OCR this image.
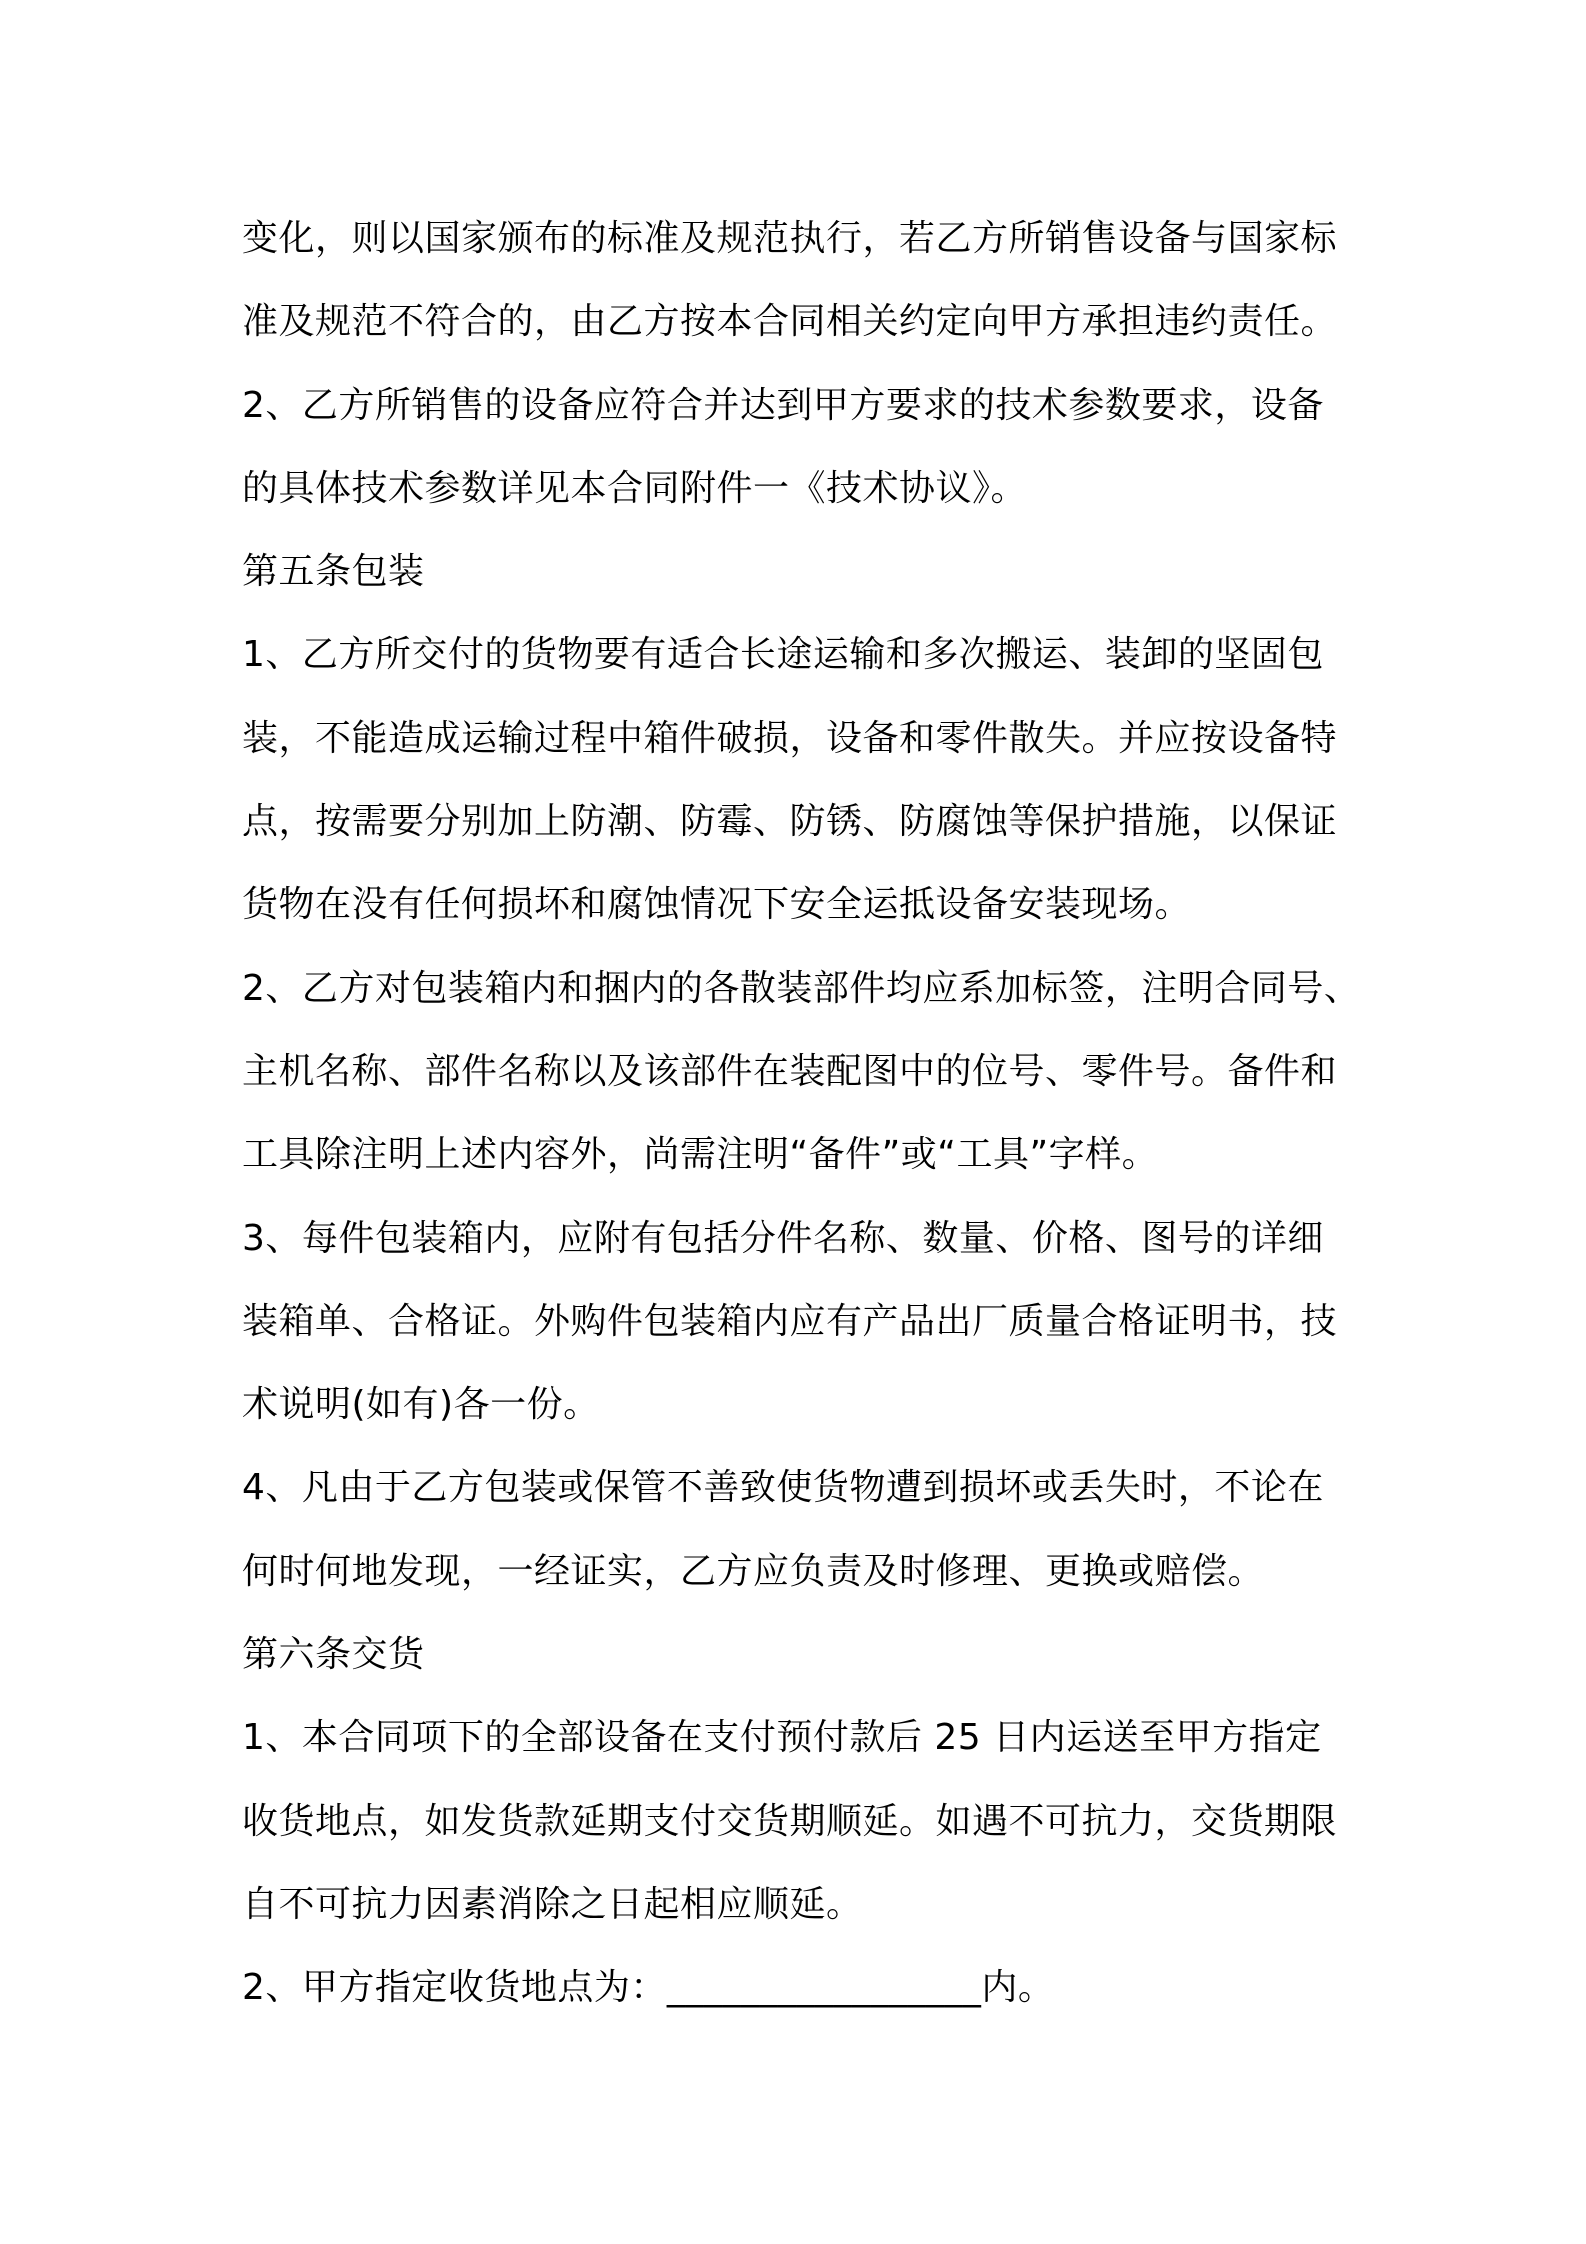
变化，则以国家颁布的标准及规范执行，若乙方所销售设备与国家标
准及规范不符合的，由乙方按本合同相关约定向甲方承担违约责任。
2、乙方所销售的设备应符合并达到甲方要求的技术参数要求，设备
的具体技术参数详见本合同附件一《技术协议》。
第五条包装
1、乙方所交付的货物要有适合长途运输和多次搬运、装卸的坚固包
装，不能造成运输过程中箱件破损，设备和零件散失。并应按设备特
点，按需要分别加上防潮、防霉、防锈、防腐蚀等保护措施，以保证
货物在没有任何损坏和腐蚀情况下安全运抵设备安装现场。
2、乙方对包装箱内和捆内的各散装部件均应系加标签，注明合同号、
主机名称、部件名称以及该部件在装配图中的位号、零件号。备件和
工具除注明上述内容外，尚需注明“备件”或“工具”字样。
3、每件包装箱内，应附有包括分件名称、数量、价格、图号的详细
装箱单、合格证。外购件包装箱内应有产品出厂质量合格证明书，技
术说明(如有)各一份。
4、凡由于乙方包装或保管不善致使货物遭到损坏或丢失时，不论在
何时何地发现，一经证实，乙方应负责及时修理、更换或赔偿。
第六条交货
1、本合同项下的全部设备在支付预付款后 25 日内运送至甲方指定
收货地点，如发货款延期支付交货期顺延。如遇不可抗力，交货期限
自不可抗力因素消除之日起相应顺延。
2、甲方指定收货地点为：_________________内。
